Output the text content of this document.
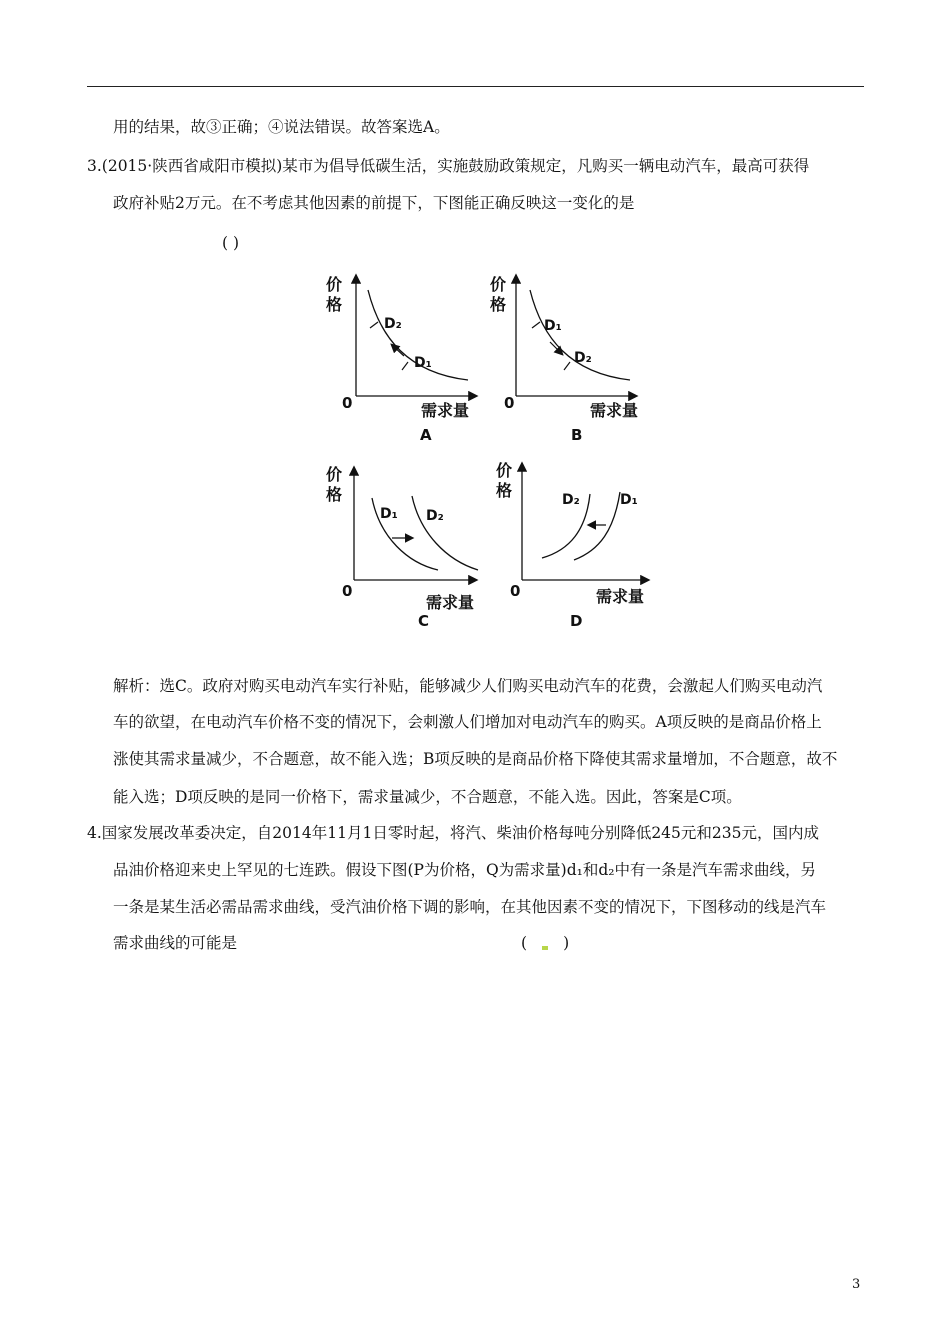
用的结果，故③正确；④说法错误。故答案选A。
3.(2015·陕西省咸阳市模拟)某市为倡导低碳生活，实施鼓励政策规定，凡购买一辆电动汽车，最高可获得
政府补贴2万元。在不考虑其他因素的前提下，下图能正确反映这一变化的是
( )
价
格
0	需求量
D₂
D₁
A
价
格
0	需求量
D₁
D₂
B
价
格
0
需求量
D₁ D₂
C
价
格
0	需求量
D₂	D₁
D
解析：选C。政府对购买电动汽车实行补贴，能够减少人们购买电动汽车的花费，会激起人们购买电动汽
车的欲望，在电动汽车价格不变的情况下，会刺激人们增加对电动汽车的购买。A项反映的是商品价格上
涨使其需求量减少，不合题意，故不能入选；B项反映的是商品价格下降使其需求量增加，不合题意，故不
能入选；D项反映的是同一价格下，需求量减少，不合题意，不能入选。因此，答案是C项。
4.国家发展改革委决定，自2014年11月1日零时起，将汽、柴油价格每吨分别降低245元和235元，国内成
品油价格迎来史上罕见的七连跌。假设下图(P为价格，Q为需求量)d₁和d₂中有一条是汽车需求曲线，另
一条是某生活必需品需求曲线，受汽油价格下调的影响，在其他因素不变的情况下，下图移动的线是汽车
需求曲线的可能是	( )
3
